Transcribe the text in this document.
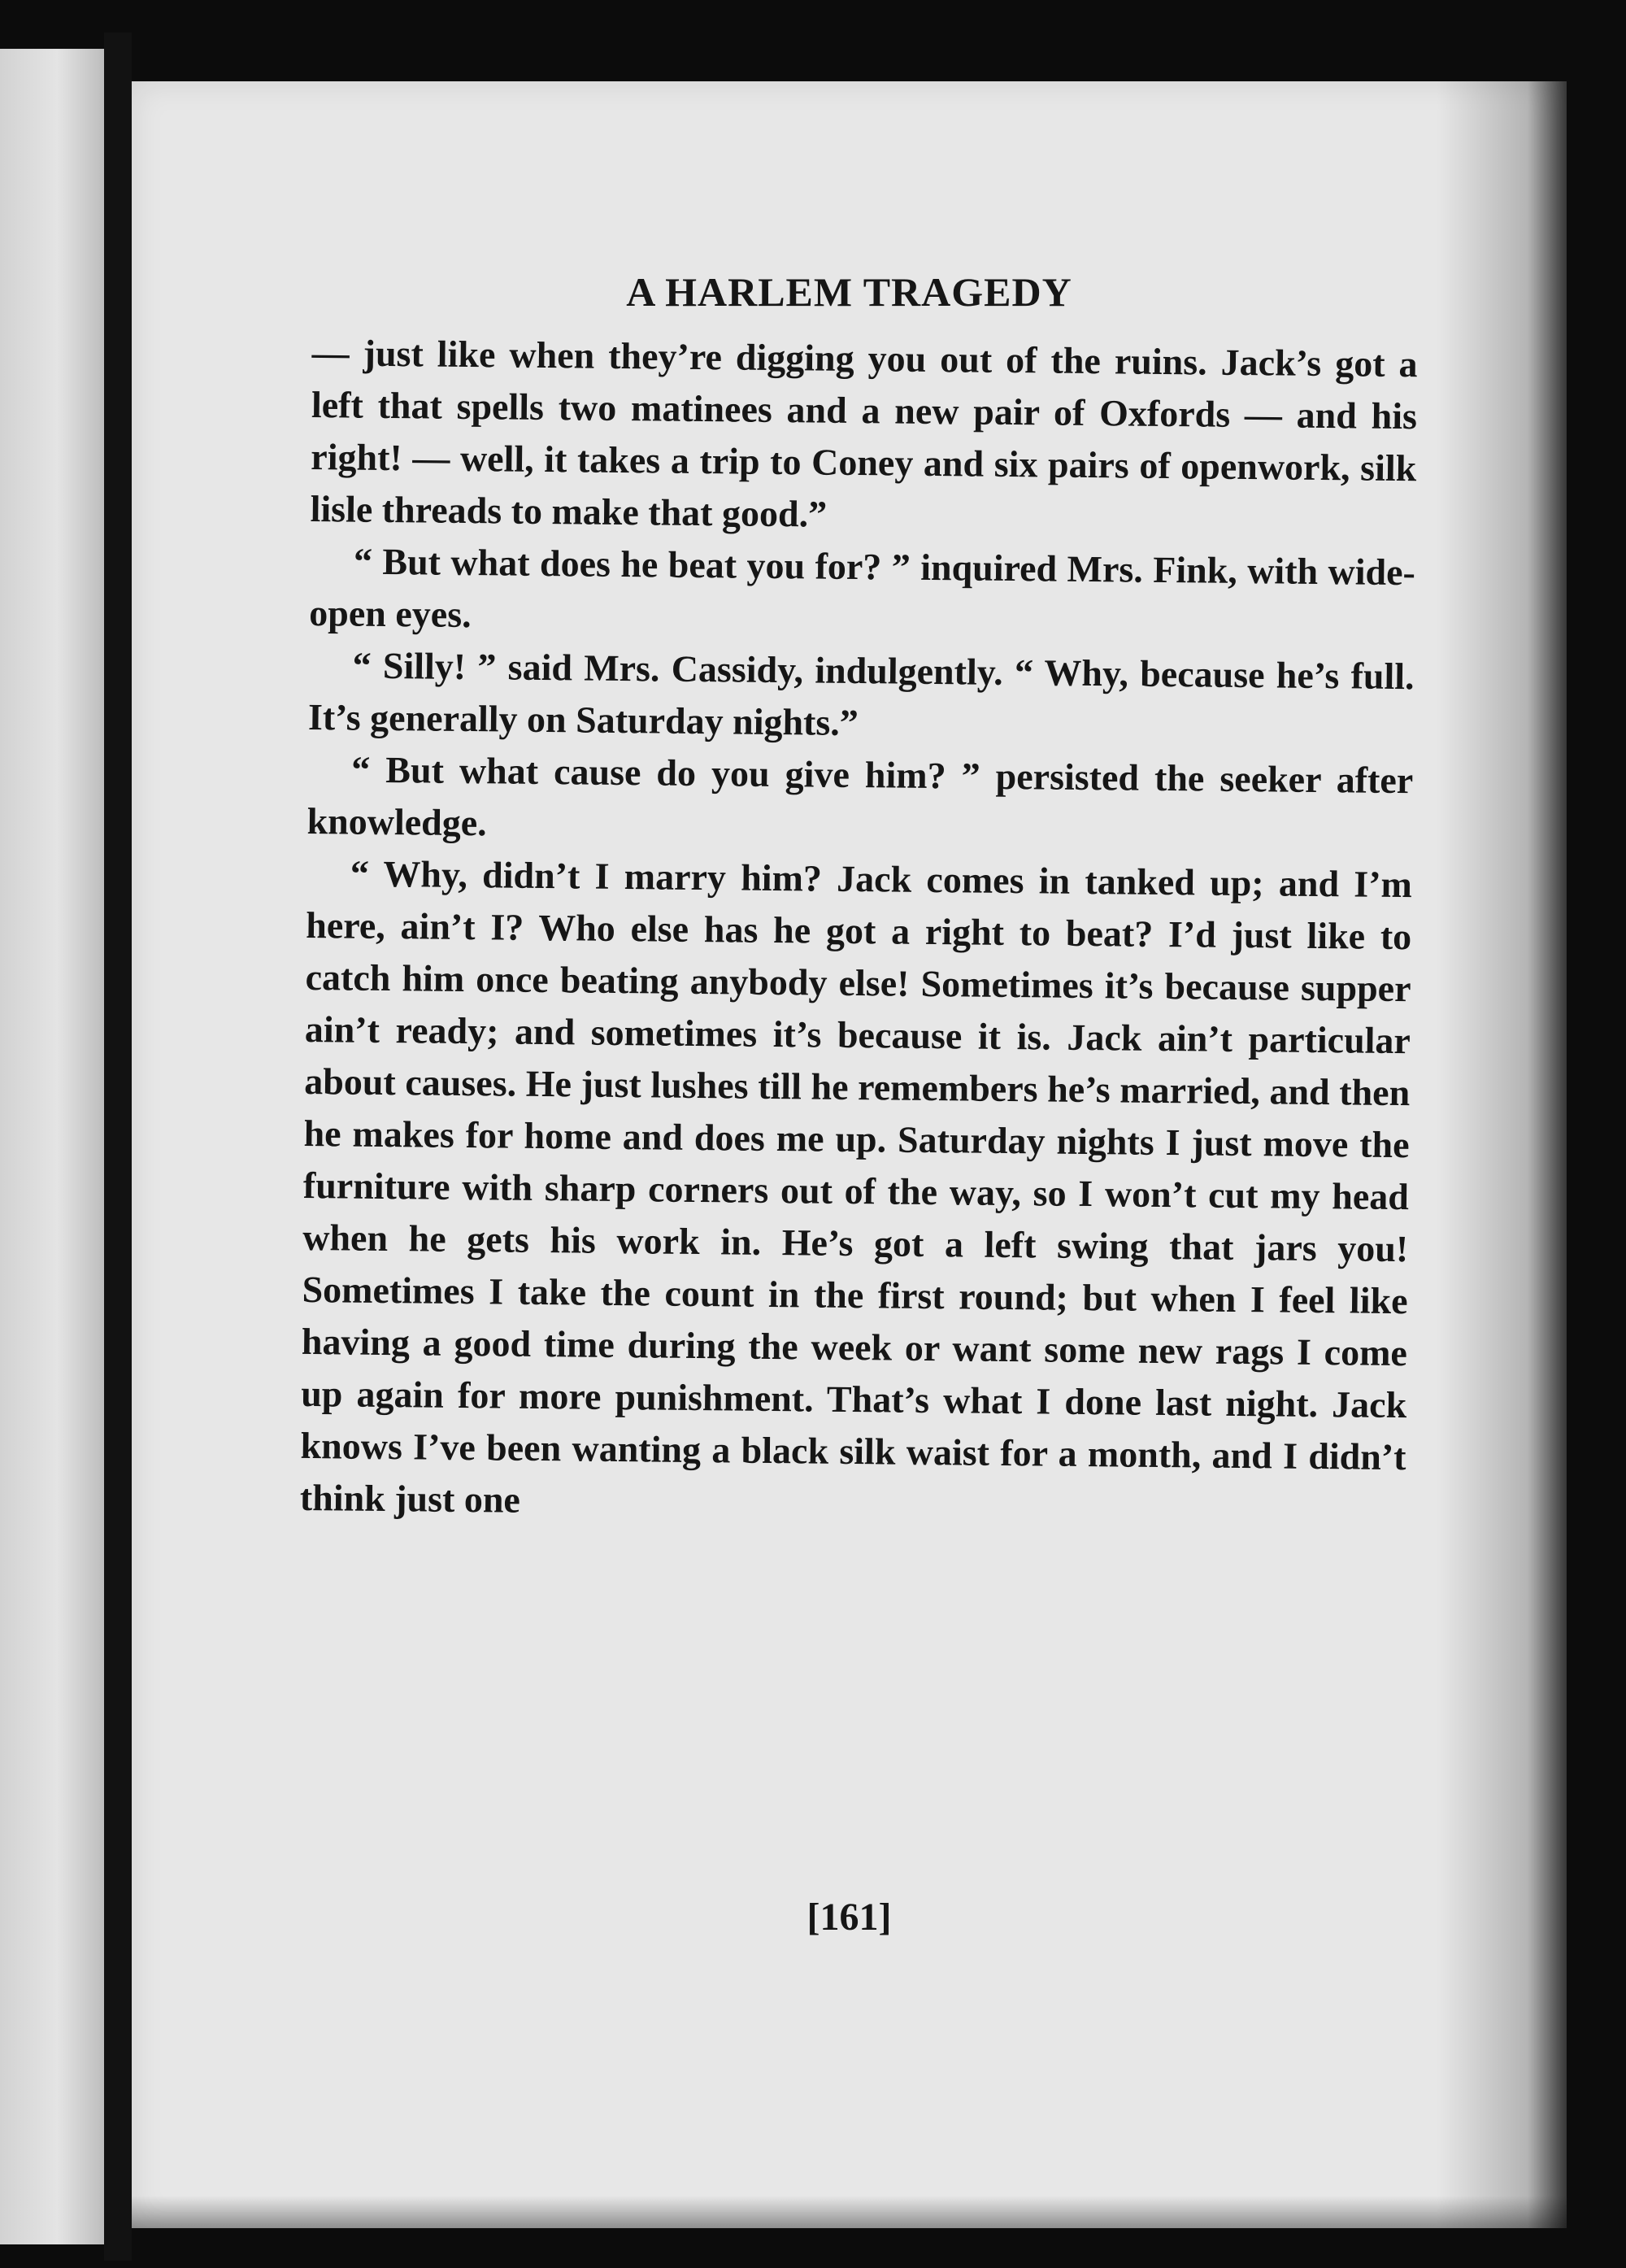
A HARLEM TRAGEDY

— just like when they’re digging you out of the ruins. Jack’s got a left that spells two matinees and a new pair of Oxfords — and his right! — well, it takes a trip to Coney and six pairs of openwork, silk lisle threads to make that good.”

“ But what does he beat you for? ” inquired Mrs. Fink, with wide-open eyes.

“ Silly! ” said Mrs. Cassidy, indulgently. “ Why, because he’s full. It’s generally on Saturday nights.”

“ But what cause do you give him? ” persisted the seeker after knowledge.

“ Why, didn’t I marry him? Jack comes in tanked up; and I’m here, ain’t I? Who else has he got a right to beat? I’d just like to catch him once beating anybody else! Sometimes it’s because supper ain’t ready; and sometimes it’s because it is. Jack ain’t particular about causes. He just lushes till he remembers he’s married, and then he makes for home and does me up. Saturday nights I just move the furniture with sharp corners out of the way, so I won’t cut my head when he gets his work in. He’s got a left swing that jars you! Sometimes I take the count in the first round; but when I feel like having a good time during the week or want some new rags I come up again for more punishment. That’s what I done last night. Jack knows I’ve been wanting a black silk waist for a month, and I didn’t think just one

[161]
